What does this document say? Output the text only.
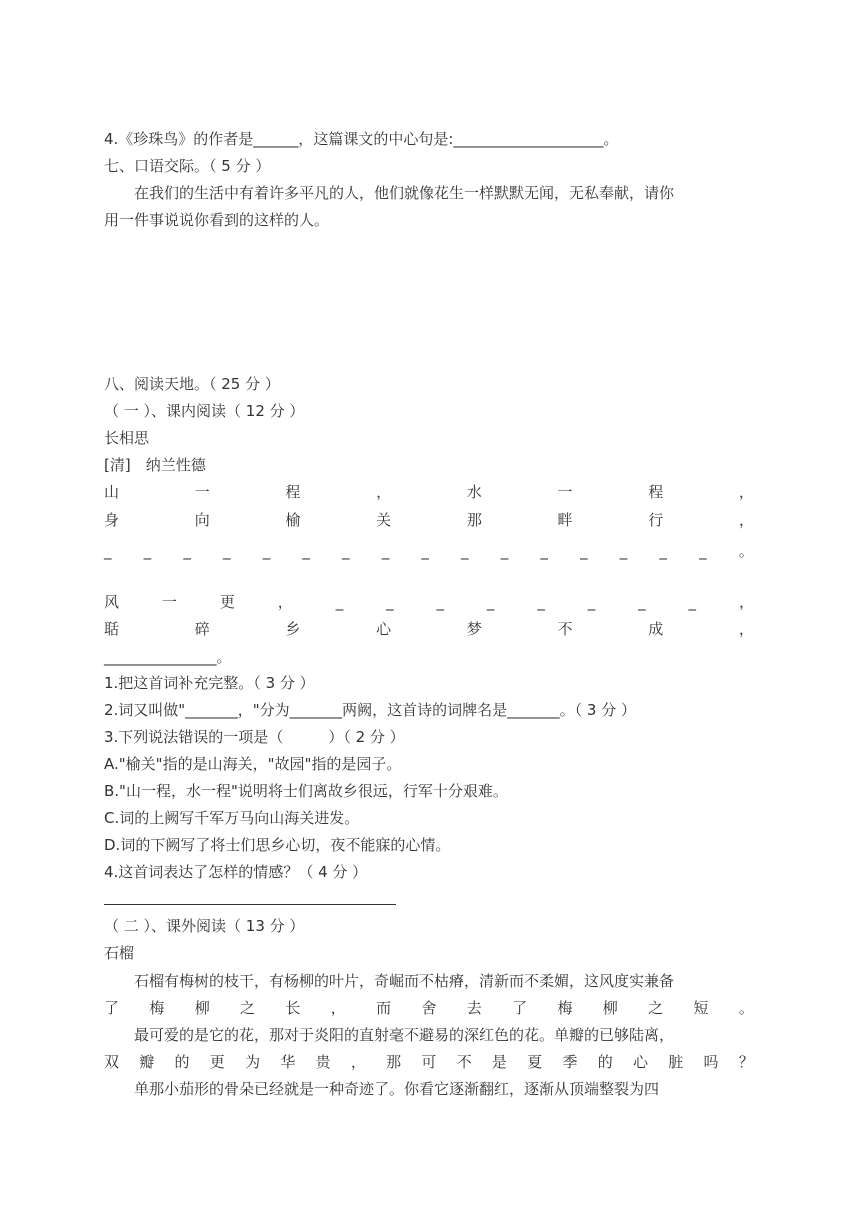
4.《珍珠鸟》的作者是______，这篇课文的中心句是:____________________。
七、口语交际。（ 5 分 ）
在我们的生活中有着许多平凡的人，他们就像花生一样默默无闻，无私奉献，请你
用一件事说说你看到的这样的人。
八、阅读天地。（ 25 分 ）
（ 一 ）、课内阅读（ 12 分 ）
长相思
[清]　纳兰性德
山	一	程	，	水	一	程	，
身	向	榆	关	那	畔	行	，
_ _ _ _ _ _ _ _ _ _ _ _ _ _ _ _ 。
风	一	更	，	_	_	_	_	_	_	_	_	，
聒	碎	乡	心	梦	不	成	，
_______________。
1.把这首词补充完整。（ 3 分 ）
2.词又叫做"_______，"分为_______两阙，这首诗的词牌名是_______。（ 3 分 ）
3.下列说法错误的一项是（　　　）（ 2 分 ）
A."榆关"指的是山海关，"故园"指的是园子。
B."山一程，水一程"说明将士们离故乡很远，行军十分艰难。
C.词的上阙写千军万马向山海关进发。
D.词的下阙写了将士们思乡心切，夜不能寐的心情。
4.这首词表达了怎样的情感？（ 4 分 ）
（ 二 ）、课外阅读（ 13 分 ）
石榴
石榴有梅树的枝干，有杨柳的叶片，奇崛而不枯瘠，清新而不柔媚，这风度实兼备
了 梅 柳 之 长 ， 而 舍 去 了 梅 柳 之 短 。
最可爱的是它的花，那对于炎阳的直射毫不避易的深红色的花。单瓣的已够陆离，
双 瓣 的 更 为 华 贵 ， 那 可 不 是 夏 季 的 心 脏 吗 ？
单那小茄形的骨朵已经就是一种奇迹了。你看它逐渐翻红，逐渐从顶端整裂为四
